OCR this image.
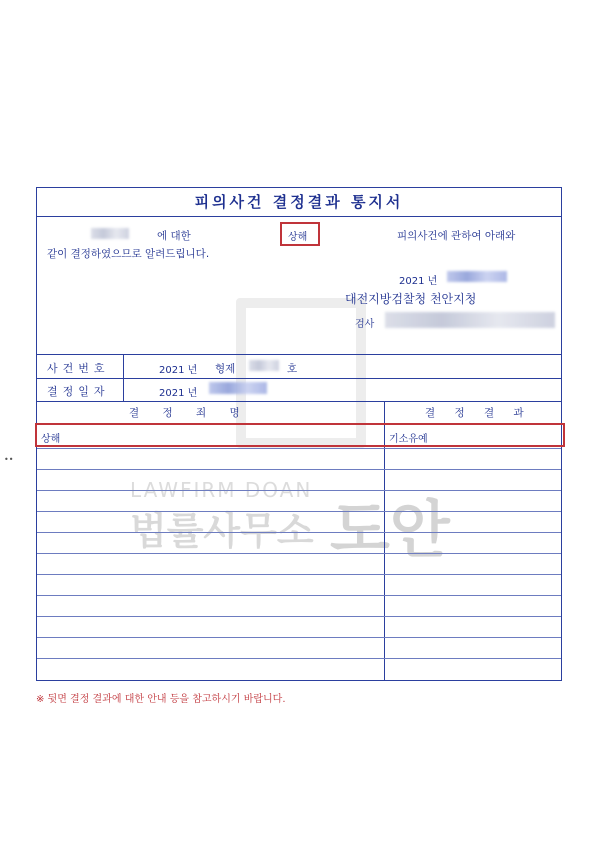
LAWFIRM DOAN
법률사무소 도안
••
피의사건 결정결과 통지서
에 대한	상해	피의사건에 관하여 아래와
같이 결정하였으므로 알려드립니다.
2021 년
대전지방검찰청 천안지청
검사
사건번호	2021 년 형제	호
결정일자	2021 년
결 정 죄 명	결 정 결 과
상해	기소유예
※ 뒷면 결정 결과에 대한 안내 등을 참고하시기 바랍니다.
